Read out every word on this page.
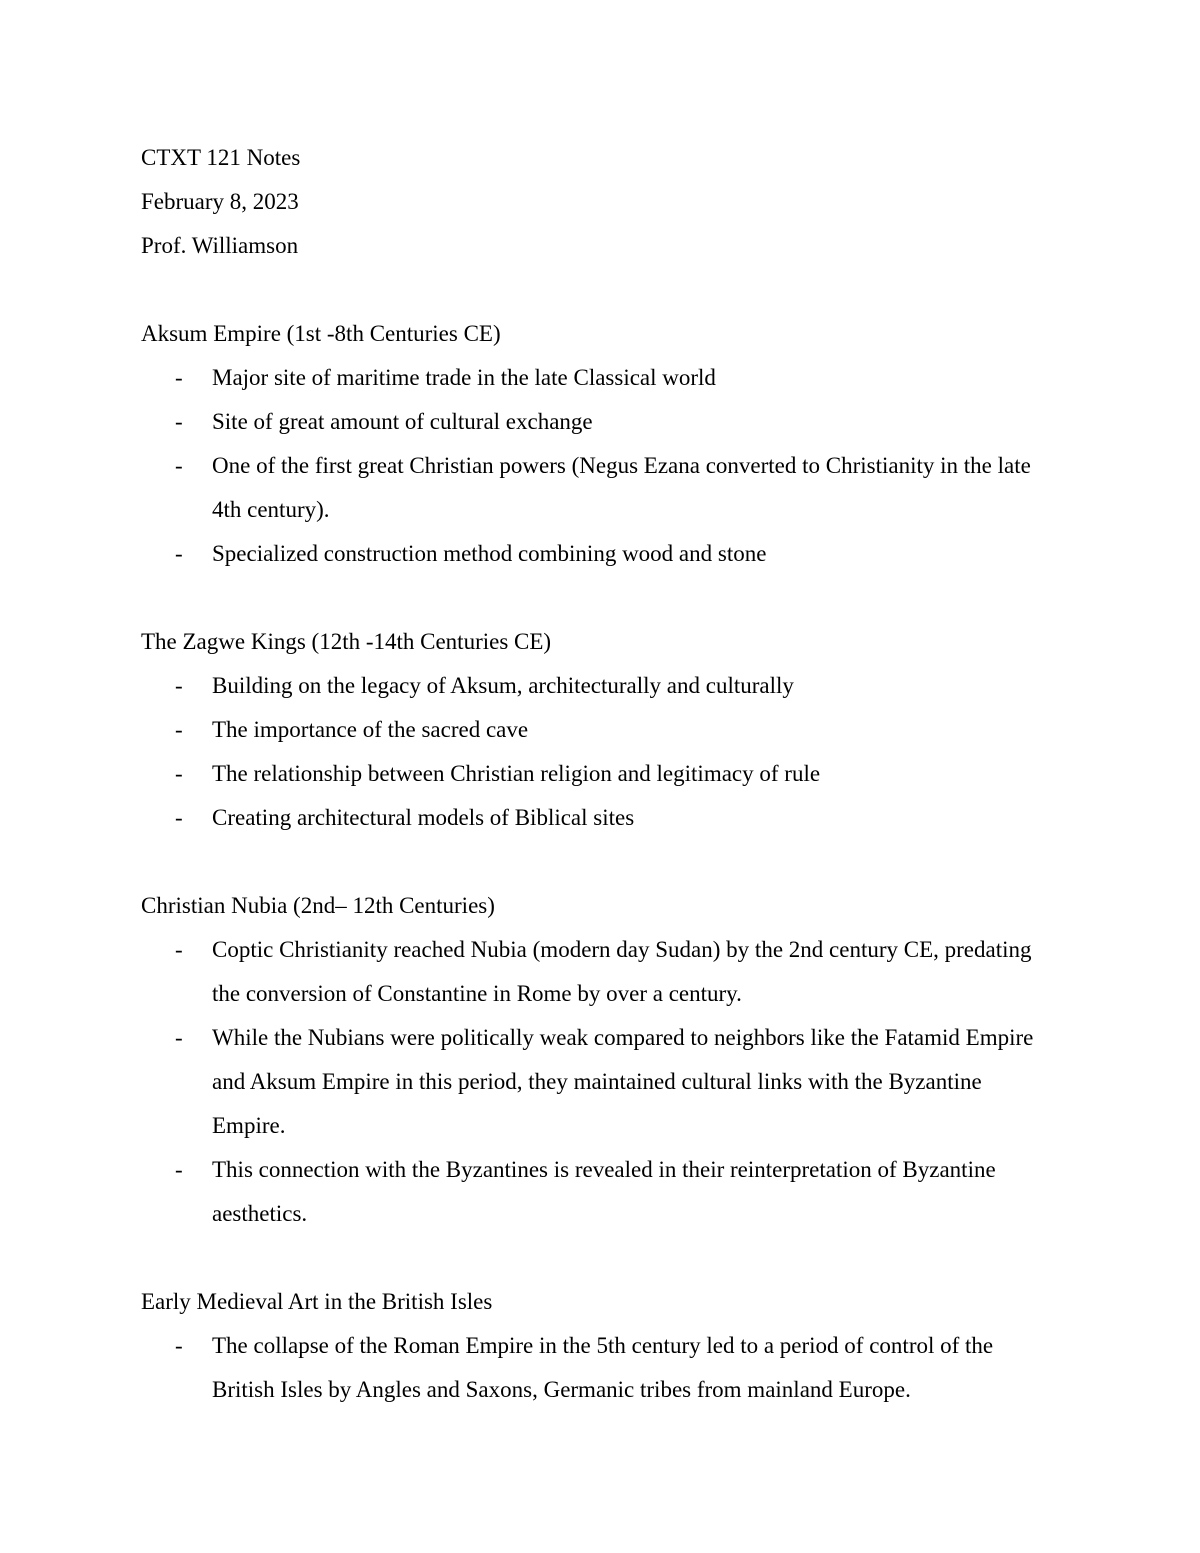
CTXT 121 Notes

February 8, 2023

Prof. Williamson

Aksum Empire (1st -8th Centuries CE)

- Major site of maritime trade in the late Classical world
- Site of great amount of cultural exchange
- One of the first great Christian powers (Negus Ezana converted to Christianity in the late 4th century).
- Specialized construction method combining wood and stone

The Zagwe Kings (12th -14th Centuries CE)

- Building on the legacy of Aksum, architecturally and culturally
- The importance of the sacred cave
- The relationship between Christian religion and legitimacy of rule
- Creating architectural models of Biblical sites

Christian Nubia (2nd– 12th Centuries)

- Coptic Christianity reached Nubia (modern day Sudan) by the 2nd century CE, predating the conversion of Constantine in Rome by over a century.
- While the Nubians were politically weak compared to neighbors like the Fatamid Empire and Aksum Empire in this period, they maintained cultural links with the Byzantine Empire.
- This connection with the Byzantines is revealed in their reinterpretation of Byzantine aesthetics.

Early Medieval Art in the British Isles

- The collapse of the Roman Empire in the 5th century led to a period of control of the British Isles by Angles and Saxons, Germanic tribes from mainland Europe.
